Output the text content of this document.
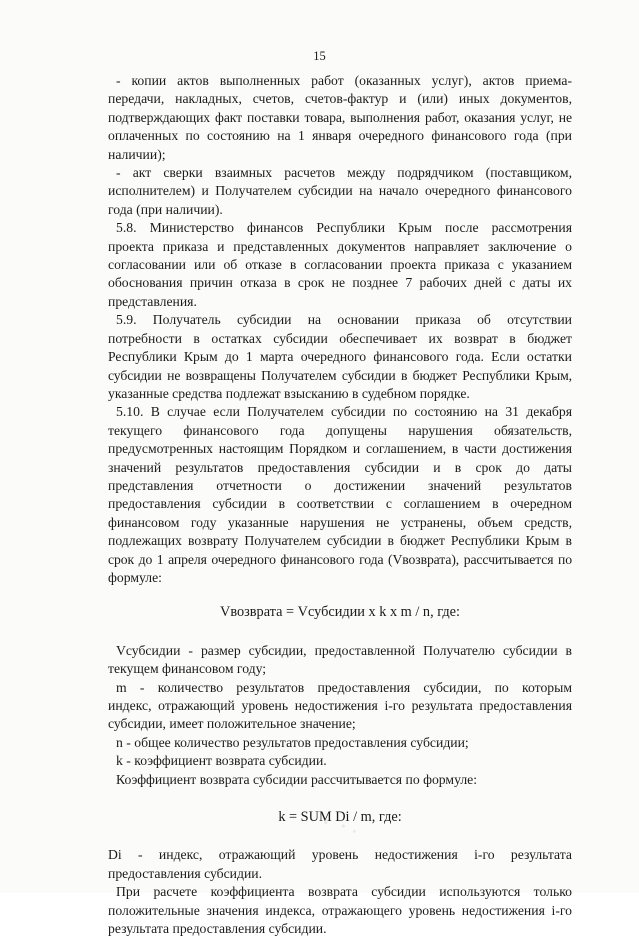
15
- копии актов выполненных работ (оказанных услуг), актов приема-
передачи, накладных, счетов, счетов-фактур и (или) иных документов,
подтверждающих факт поставки товара, выполнения работ, оказания услуг, не
оплаченных по состоянию на 1 января очередного финансового года (при
наличии);
- акт сверки взаимных расчетов между подрядчиком (поставщиком,
исполнителем) и Получателем субсидии на начало очередного финансового
года (при наличии).
5.8. Министерство финансов Республики Крым после рассмотрения
проекта приказа и представленных документов направляет заключение о
согласовании или об отказе в согласовании проекта приказа с указанием
обоснования причин отказа в срок не позднее 7 рабочих дней с даты их
представления.
5.9. Получатель субсидии на основании приказа об отсутствии
потребности в остатках субсидии обеспечивает их возврат в бюджет
Республики Крым до 1 марта очередного финансового года. Если остатки
субсидии не возвращены Получателем субсидии в бюджет Республики Крым,
указанные средства подлежат взысканию в судебном порядке.
5.10. В случае если Получателем субсидии по состоянию на 31 декабря
текущего финансового года допущены нарушения обязательств,
предусмотренных настоящим Порядком и соглашением, в части достижения
значений результатов предоставления субсидии и в срок до даты
представления отчетности о достижении значений результатов
предоставления субсидии в соответствии с соглашением в очередном
финансовом году указанные нарушения не устранены, объем средств,
подлежащих возврату Получателем субсидии в бюджет Республики Крым в
срок до 1 апреля очередного финансового года (Vвозврата), рассчитывается по
формуле:
Vвозврата = Vсубсидии x k x m / n, где:
Vсубсидии - размер субсидии, предоставленной Получателю субсидии в
текущем финансовом году;
m - количество результатов предоставления субсидии, по которым
индекс, отражающий уровень недостижения i-го результата предоставления
субсидии, имеет положительное значение;
n - общее количество результатов предоставления субсидии;
k - коэффициент возврата субсидии.
Коэффициент возврата субсидии рассчитывается по формуле:
k = SUM Di / m, где:
Di - индекс, отражающий уровень недостижения i-го результата
предоставления субсидии.
При расчете коэффициента возврата субсидии используются только
положительные значения индекса, отражающего уровень недостижения i-го
результата предоставления субсидии.
